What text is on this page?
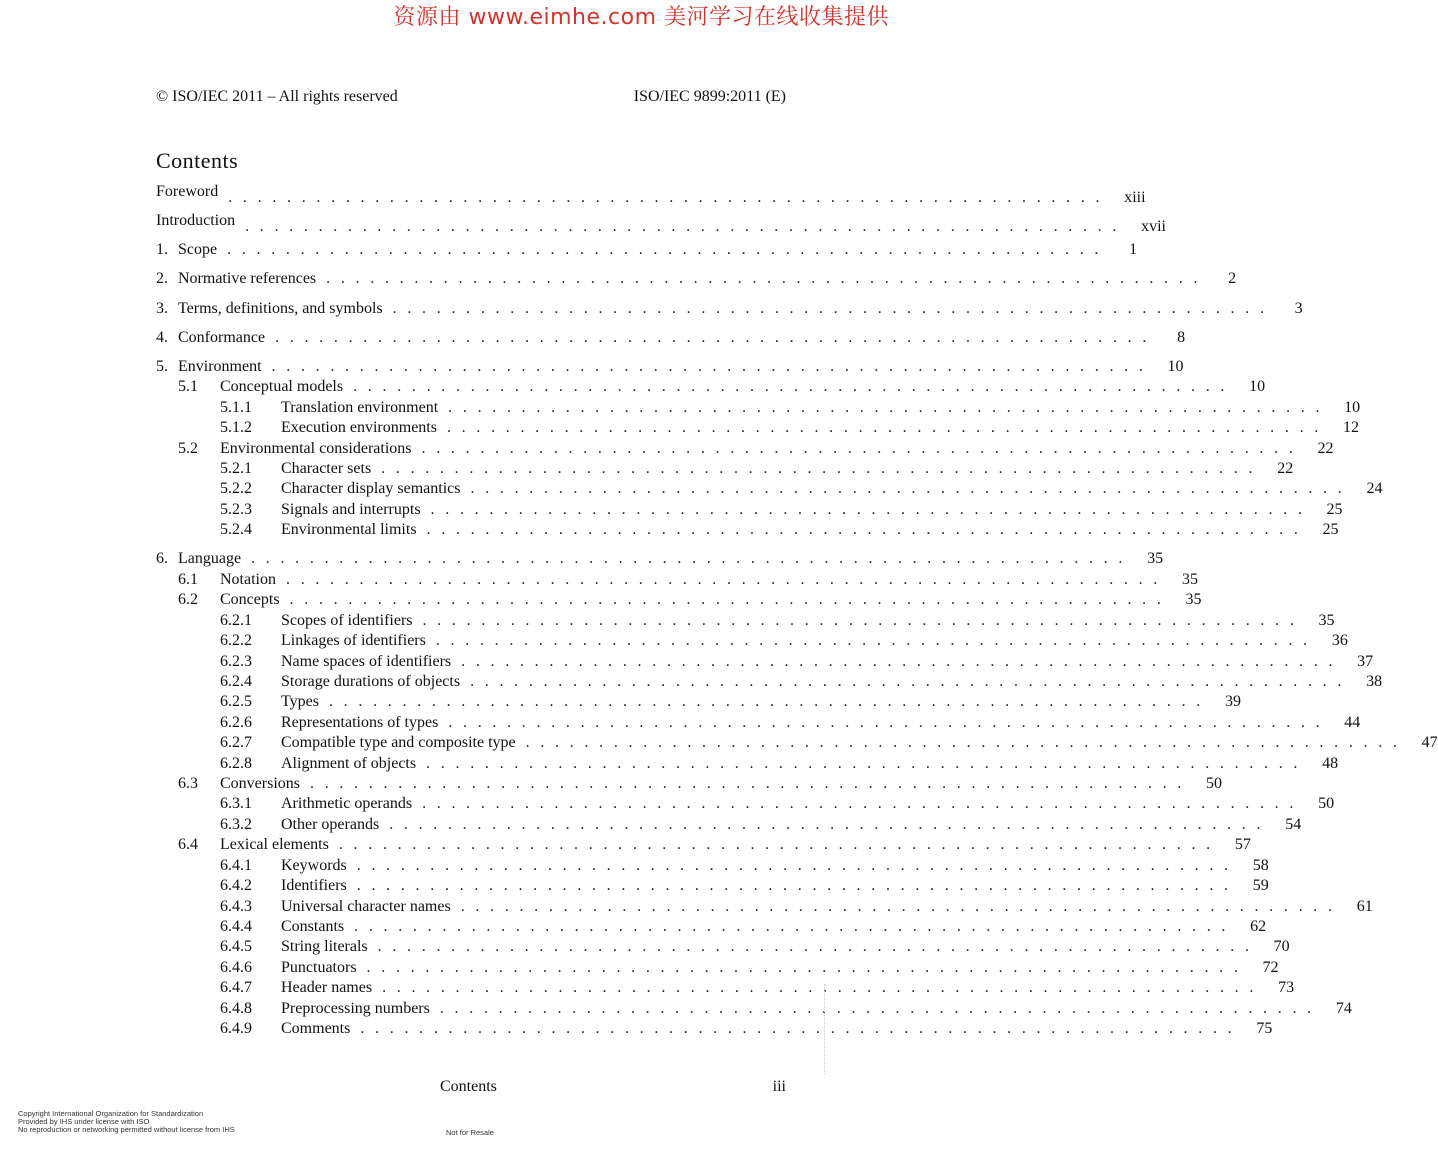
资源由 www.eimhe.com 美河学习在线收集提供
© ISO/IEC 2011 – All rights reserved	ISO/IEC 9899:2011 (E)
Contents
Foreword ............................................................ xiii
Introduction ............................................................ xvii
1. Scope ............................................................	1
2. Normative references ............................................................	2
3. Terms, definitions, and symbols ............................................................	3
4. Conformance ............................................................	8
5. Environment ............................................................ 10
5.1	Conceptual models ............................................................ 10
5.1.1	Translation environment ............................................................ 10
5.1.2	Execution environments ............................................................ 12
5.2	Environmental considerations ............................................................ 22
5.2.1	Character sets ............................................................ 22
5.2.2	Character display semantics ............................................................ 24
5.2.3	Signals and interrupts ............................................................ 25
5.2.4	Environmental limits ............................................................ 25
6. Language ............................................................ 35
6.1	Notation ............................................................ 35
6.2	Concepts ............................................................ 35
6.2.1	Scopes of identifiers ............................................................ 35
6.2.2	Linkages of identifiers ............................................................ 36
6.2.3	Name spaces of identifiers ............................................................ 37
6.2.4	Storage durations of objects ............................................................ 38
6.2.5	Types ............................................................ 39
6.2.6	Representations of types ............................................................ 44
6.2.7	Compatible type and composite type ............................................................ 47
6.2.8	Alignment of objects ............................................................ 48
6.3	Conversions ............................................................ 50
6.3.1	Arithmetic operands ............................................................ 50
6.3.2	Other operands ............................................................ 54
6.4	Lexical elements ............................................................ 57
6.4.1	Keywords ............................................................ 58
6.4.2	Identifiers ............................................................ 59
6.4.3	Universal character names ............................................................ 61
6.4.4	Constants ............................................................ 62
6.4.5	String literals ............................................................ 70
6.4.6	Punctuators ............................................................ 72
6.4.7	Header names ............................................................ 73
6.4.8	Preprocessing numbers ............................................................ 74
6.4.9	Comments ............................................................ 75
Contents	iii
Copyright International Organization for Standardization
Provided by IHS under license with ISO
No reproduction or networking permitted without license from IHS	Not for Resale
